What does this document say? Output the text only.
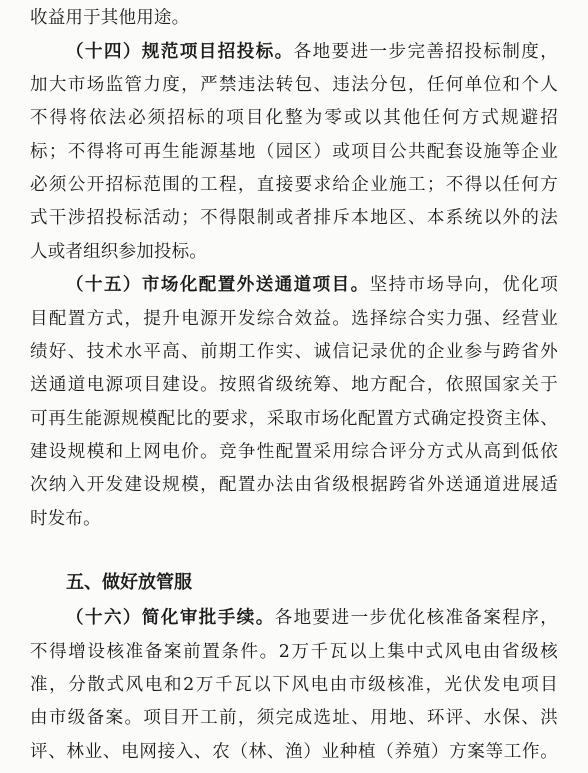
收益用于其他用途。
（十四）规范项目招投标。各地要进一步完善招投标制度，
加大市场监管力度，严禁违法转包、违法分包，任何单位和个人
不得将依法必须招标的项目化整为零或以其他任何方式规避招
标；不得将可再生能源基地（园区）或项目公共配套设施等企业
必须公开招标范围的工程，直接要求给企业施工；不得以任何方
式干涉招投标活动；不得限制或者排斥本地区、本系统以外的法
人或者组织参加投标。
（十五）市场化配置外送通道项目。坚持市场导向，优化项
目配置方式，提升电源开发综合效益。选择综合实力强、经营业
绩好、技术水平高、前期工作实、诚信记录优的企业参与跨省外
送通道电源项目建设。按照省级统筹、地方配合，依照国家关于
可再生能源规模配比的要求，采取市场化配置方式确定投资主体、
建设规模和上网电价。竞争性配置采用综合评分方式从高到低依
次纳入开发建设规模，配置办法由省级根据跨省外送通道进展适
时发布。
五、做好放管服
（十六）简化审批手续。各地要进一步优化核准备案程序，
不得增设核准备案前置条件。2万千瓦以上集中式风电由省级核
准，分散式风电和2万千瓦以下风电由市级核准，光伏发电项目
由市级备案。项目开工前，须完成选址、用地、环评、水保、洪
评、林业、电网接入、农（林、渔）业种植（养殖）方案等工作。
